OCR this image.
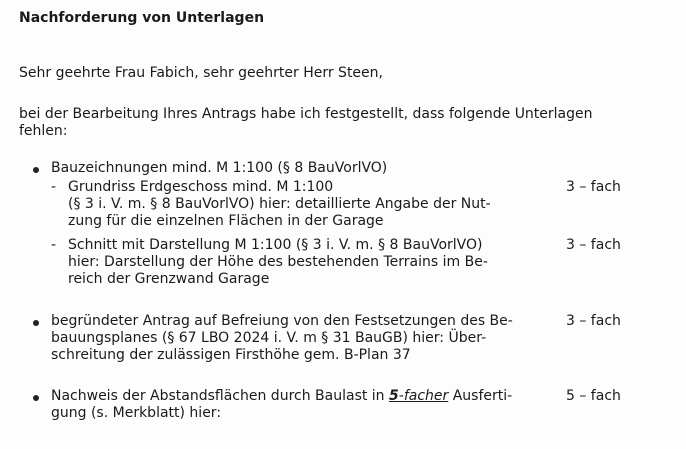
Nachforderung von Unterlagen
Sehr geehrte Frau Fabich, sehr geehrter Herr Steen,
bei der Bearbeitung Ihres Antrags habe ich festgestellt, dass folgende Unterlagen
fehlen:
Bauzeichnungen mind. M 1:100 (§ 8 BauVorlVO)
- Grundriss Erdgeschoss mind. M 1:100	3 – fach
(§ 3 i. V. m. § 8 BauVorlVO) hier: detaillierte Angabe der Nut-
zung für die einzelnen Flächen in der Garage
- Schnitt mit Darstellung M 1:100 (§ 3 i. V. m. § 8 BauVorlVO)	3 – fach
hier: Darstellung der Höhe des bestehenden Terrains im Be-
reich der Grenzwand Garage
begründeter Antrag auf Befreiung von den Festsetzungen des Be-	3 – fach
bauungsplanes (§ 67 LBO 2024 i. V. m § 31 BauGB) hier: Über-
schreitung der zulässigen Firsthöhe gem. B-Plan 37
Nachweis der Abstandsflächen durch Baulast in 5-facher Ausferti-	5 – fach
gung (s. Merkblatt) hier:
